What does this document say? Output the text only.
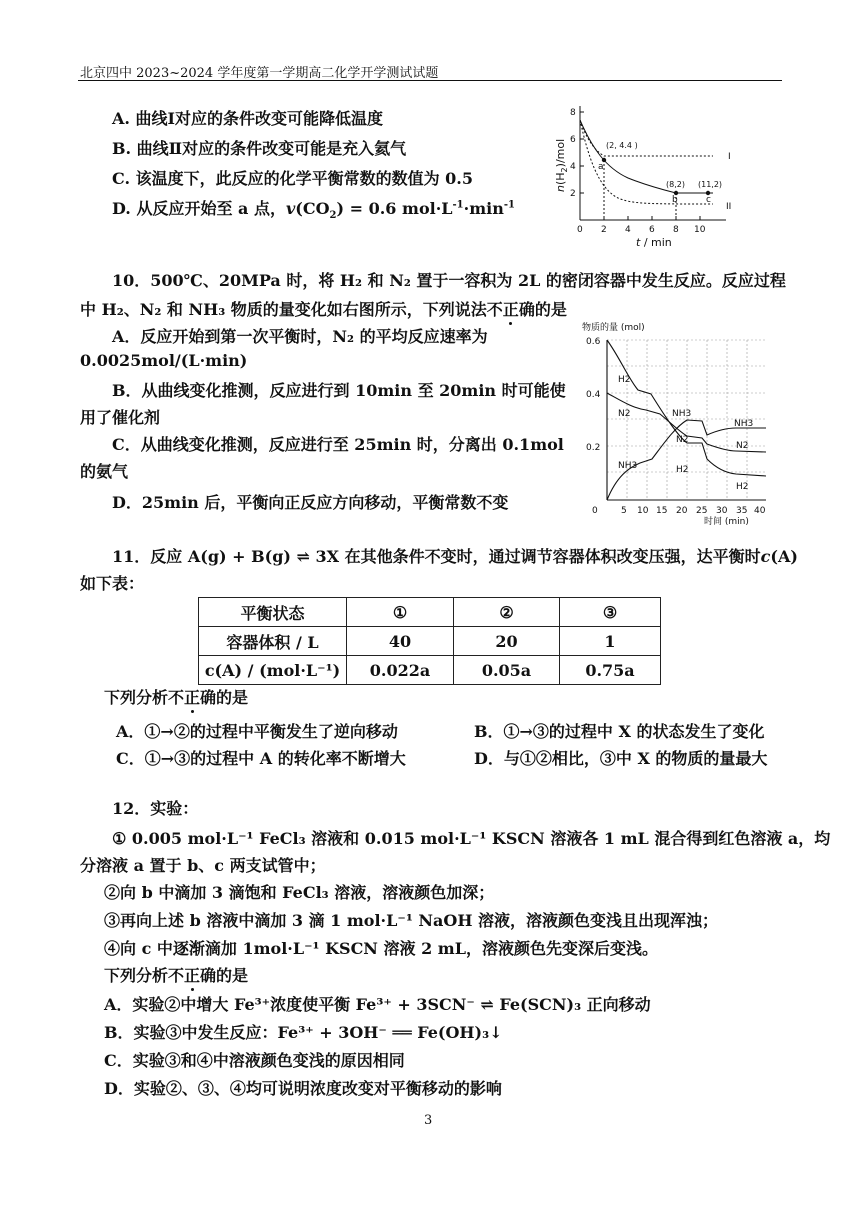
北京四中 2023~2024 学年度第一学期高二化学开学测试试题
A. 曲线Ⅰ对应的条件改变可能降低温度
B. 曲线Ⅱ对应的条件改变可能是充入氦气
C. 该温度下，此反应的化学平衡常数的数值为 0.5
D. 从反应开始至 a 点，$v(CO_2) = 0.6$ $mol\cdot L^{-1}\cdot\min^{-1}$
8
6
4
2
0 2 4 6 8 10
(2, 4.4 )
a
(8,2) (11,2)
b	c
I
II
t / min
$n(H_2)$/mol
10．500℃、20MPa 时，将 H₂ 和 N₂ 置于一容积为 2L 的密闭容器中发生反应。反应过程
中 H₂、N₂ 和 NH₃ 物质的量变化如右图所示，下列说法不正确的是
A．反应开始到第一次平衡时，N₂ 的平均反应速率为
0.0025mol/(L·min)
B．从曲线变化推测，反应进行到 10min 至 20min 时可能使
用了催化剂
C．从曲线变化推测，反应进行至 25min 时，分离出 0.1mol
的氨气
D．25min 后，平衡向正反应方向移动，平衡常数不变
物质的量 (mol)
0.6
0.4
0.2
0	5 10 15 20 25 30 35 40
时间 (min)
H2
N2	NH3
N2
NH3	H2
NH3
N2
H2
11．反应 A(g) + B(g) ⇌ 3X 在其他条件不变时，通过调节容器体积改变压强，达平衡时c(A)
如下表：
平衡状态	①	②	③
容器体积 / L	40	20	1
c(A) / (mol·L⁻¹)	0.022a	0.05a	0.75a
下列分析不正确的是
A．①→②的过程中平衡发生了逆向移动	B．①→③的过程中 X 的状态发生了变化
C．①→③的过程中 A 的转化率不断增大	D．与①②相比，③中 X 的物质的量最大
12．实验：
① 0.005 mol·L⁻¹ FeCl₃ 溶液和 0.015 mol·L⁻¹ KSCN 溶液各 1 mL 混合得到红色溶液 a，均
分溶液 a 置于 b、c 两支试管中；
②向 b 中滴加 3 滴饱和 FeCl₃ 溶液，溶液颜色加深；
③再向上述 b 溶液中滴加 3 滴 1 mol·L⁻¹ NaOH 溶液，溶液颜色变浅且出现浑浊；
④向 c 中逐渐滴加 1mol·L⁻¹ KSCN 溶液 2 mL，溶液颜色先变深后变浅。
下列分析不正确的是
A．实验②中增大 Fe³⁺浓度使平衡 Fe³⁺ + 3SCN⁻ ⇌ Fe(SCN)₃ 正向移动
B．实验③中发生反应：Fe³⁺ + 3OH⁻ ══ Fe(OH)₃↓
C．实验③和④中溶液颜色变浅的原因相同
D．实验②、③、④均可说明浓度改变对平衡移动的影响
3
